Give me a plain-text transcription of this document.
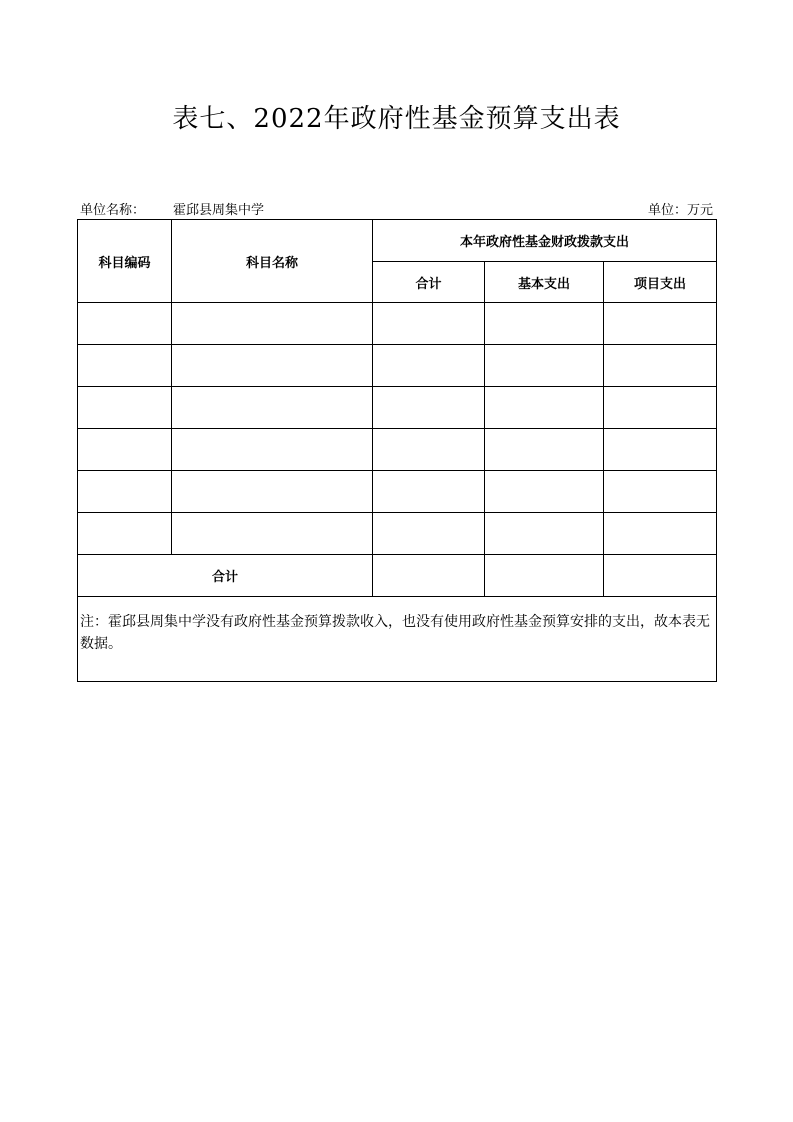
表七、2022年政府性基金预算支出表
单位名称： 霍邱县周集中学	单位：万元
科目编码	科目名称	本年政府性基金财政拨款支出		
		合计	基本支出	项目支出

合计				
注：霍邱县周集中学没有政府性基金预算拨款收入，也没有使用政府性基金预算安排的支出，故本表无数据。				
